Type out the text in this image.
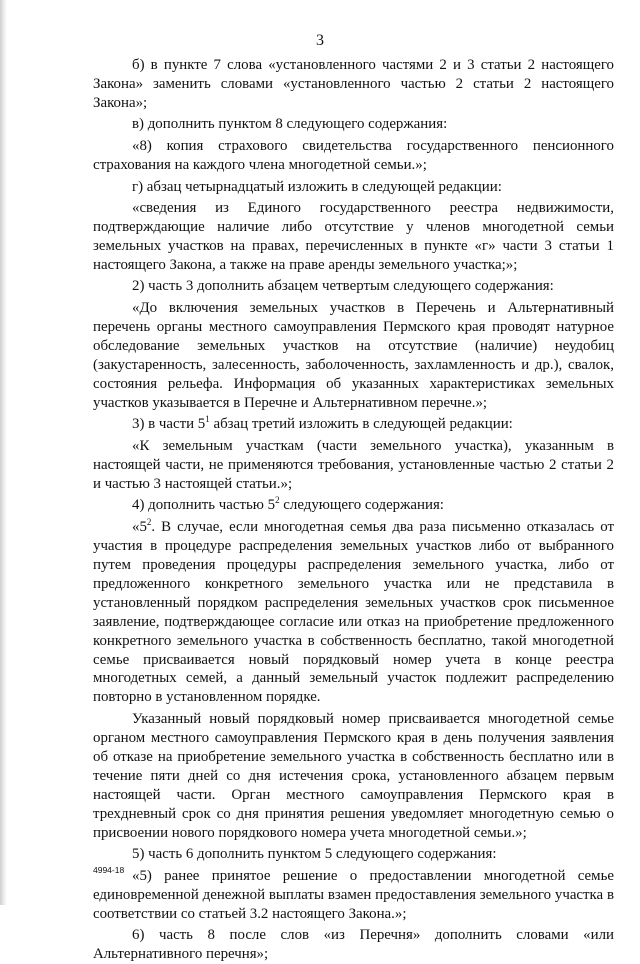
3

б) в пункте 7 слова «установленного частями 2 и 3 статьи 2 настоящего Закона» заменить словами «установленного частью 2 статьи 2 настоящего Закона»;

в) дополнить пунктом 8 следующего содержания:

«8) копия страхового свидетельства государственного пенсионного страхования на каждого члена многодетной семьи.»;

г) абзац четырнадцатый изложить в следующей редакции:

«сведения из Единого государственного реестра недвижимости, подтверждающие наличие либо отсутствие у членов многодетной семьи земельных участков на правах, перечисленных в пункте «г» части 3 статьи 1 настоящего Закона, а также на праве аренды земельного участка;»;

2) часть 3 дополнить абзацем четвертым следующего содержания:

«До включения земельных участков в Перечень и Альтернативный перечень органы местного самоуправления Пермского края проводят натурное обследование земельных участков на отсутствие (наличие) неудобиц (закустаренность, залесенность, заболоченность, захламленность и др.), свалок, состояния рельефа. Информация об указанных характеристиках земельных участков указывается в Перечне и Альтернативном перечне.»;

3) в части $5^1$ абзац третий изложить в следующей редакции:

«К земельным участкам (части земельного участка), указанным в настоящей части, не применяются требования, установленные частью 2 статьи 2 и частью 3 настоящей статьи.»;

4) дополнить частью $5^2$ следующего содержания:

«$5^2$. В случае, если многодетная семья два раза письменно отказалась от участия в процедуре распределения земельных участков либо от выбранного путем проведения процедуры распределения земельного участка, либо от предложенного конкретного земельного участка или не представила в установленный порядком распределения земельных участков срок письменное заявление, подтверждающее согласие или отказ на приобретение предложенного конкретного земельного участка в собственность бесплатно, такой многодетной семье присваивается новый порядковый номер учета в конце реестра многодетных семей, а данный земельный участок подлежит распределению повторно в установленном порядке.

Указанный новый порядковый номер присваивается многодетной семье органом местного самоуправления Пермского края в день получения заявления об отказе на приобретение земельного участка в собственность бесплатно или в течение пяти дней со дня истечения срока, установленного абзацем первым настоящей части. Орган местного самоуправления Пермского края в трехдневный срок со дня принятия решения уведомляет многодетную семью о присвоении нового порядкового номера учета многодетной семьи.»;

5) часть 6 дополнить пунктом 5 следующего содержания:

«5) ранее принятое решение о предоставлении многодетной семье единовременной денежной выплаты взамен предоставления земельного участка в соответствии со статьей 3.2 настоящего Закона.»;

6) часть 8 после слов «из Перечня» дополнить словами «или Альтернативного перечня»;

4994-18
